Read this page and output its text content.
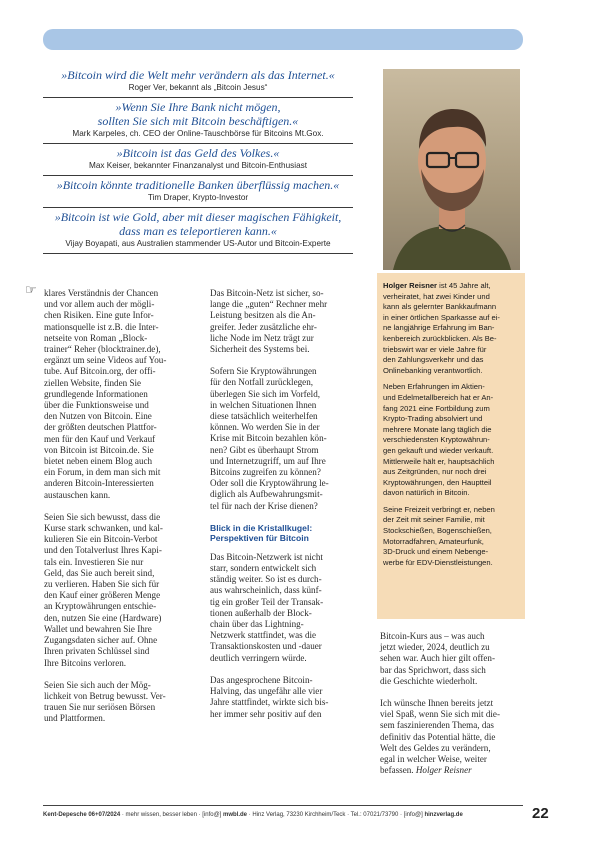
»Bitcoin wird die Welt mehr verändern als das Internet.«
Roger Ver, bekannt als „Bitcoin Jesus“
»Wenn Sie Ihre Bank nicht mögen,
sollten Sie sich mit Bitcoin beschäftigen.«
Mark Karpeles, ch. CEO der Online-Tauschbörse für Bitcoins Mt.Gox.
»Bitcoin ist das Geld des Volkes.«
Max Keiser, bekannter Finanzanalyst und Bitcoin-Enthusiast
»Bitcoin könnte traditionelle Banken überflüssig machen.«
Tim Draper, Krypto-Investor
»Bitcoin ist wie Gold, aber mit dieser magischen Fähigkeit,
dass man es teleportieren kann.«
Vijay Boyapati, aus Australien stammender US-Autor und Bitcoin-Experte

Holger Reisner ist 45 Jahre alt,
verheiratet, hat zwei Kinder und
kann als gelernter Bankkaufmann
in einer örtlichen Sparkasse auf ei-
ne langjährige Erfahrung im Ban-
kenbereich zurückblicken. Als Be-
triebswirt war er viele Jahre für
den Zahlungsverkehr und das
Onlinebanking verantwortlich.

Neben Erfahrungen im Aktien-
und Edelmetallbereich hat er An-
fang 2021 eine Fortbildung zum
Krypto-Trading absolviert und
mehrere Monate lang täglich die
verschiedensten Kryptowährun-
gen gekauft und wieder verkauft.
Mittlerweile hält er, hauptsächlich
aus Zeitgründen, nur noch drei
Kryptowährungen, den Hauptteil
davon natürlich in Bitcoin.

Seine Freizeit verbringt er, neben
der Zeit mit seiner Familie, mit
Stockschießen, Bogenschießen,
Motorradfahren, Amateurfunk,
3D-Druck und einem Nebenge-
werbe für EDV-Dienstleistungen.

☞ klares Verständnis der Chancen
und vor allem auch der mögli-
chen Risiken. Eine gute Infor-
mationsquelle ist z.B. die Inter-
netseite von Roman „Block-
trainer“ Reher (blocktrainer.de),
ergänzt um seine Videos auf You-
tube. Auf Bitcoin.org, der offi-
ziellen Website, finden Sie
grundlegende Informationen
über die Funktionsweise und
den Nutzen von Bitcoin. Eine
der größten deutschen Plattfor-
men für den Kauf und Verkauf
von Bitcoin ist Bitcoin.de. Sie
bietet neben einem Blog auch
ein Forum, in dem man sich mit
anderen Bitcoin-Interessierten
austauschen kann.

Seien Sie sich bewusst, dass die
Kurse stark schwanken, und kal-
kulieren Sie ein Bitcoin-Verbot
und den Totalverlust Ihres Kapi-
tals ein. Investieren Sie nur
Geld, das Sie auch bereit sind,
zu verlieren. Haben Sie sich für
den Kauf einer größeren Menge
an Kryptowährungen entschie-
den, nutzen Sie eine (Hardware)
Wallet und bewahren Sie Ihre
Zugangsdaten sicher auf. Ohne
Ihren privaten Schlüssel sind
Ihre Bitcoins verloren.

Seien Sie sich auch der Mög-
lichkeit von Betrug bewusst. Ver-
trauen Sie nur seriösen Börsen
und Plattformen.

Das Bitcoin-Netz ist sicher, so-
lange die „guten“ Rechner mehr
Leistung besitzen als die An-
greifer. Jeder zusätzliche ehr-
liche Node im Netz trägt zur
Sicherheit des Systems bei.

Sofern Sie Kryptowährungen
für den Notfall zurücklegen,
überlegen Sie sich im Vorfeld,
in welchen Situationen Ihnen
diese tatsächlich weiterhelfen
können. Wo werden Sie in der
Krise mit Bitcoin bezahlen kön-
nen? Gibt es überhaupt Strom
und Internetzugriff, um auf Ihre
Bitcoins zugreifen zu können?
Oder soll die Kryptowährung le-
diglich als Aufbewahrungsmit-
tel für nach der Krise dienen?

Blick in die Kristallkugel:
Perspektiven für Bitcoin

Das Bitcoin-Netzwerk ist nicht
starr, sondern entwickelt sich
ständig weiter. So ist es durch-
aus wahrscheinlich, dass künf-
tig ein großer Teil der Transak-
tionen außerhalb der Block-
chain über das Lightning-
Netzwerk stattfindet, was die
Transaktionskosten und -dauer
deutlich verringern würde.

Das angesprochene Bitcoin-
Halving, das ungefähr alle vier
Jahre stattfindet, wirkte sich bis-
her immer sehr positiv auf den

Bitcoin-Kurs aus – was auch
jetzt wieder, 2024, deutlich zu
sehen war. Auch hier gilt offen-
bar das Sprichwort, dass sich
die Geschichte wiederholt.

Ich wünsche Ihnen bereits jetzt
viel Spaß, wenn Sie sich mit die-
sem faszinierenden Thema, das
definitiv das Potential hätte, die
Welt des Geldes zu verändern,
egal in welcher Weise, weiter
befassen. Holger Reisner

Kent-Depesche 06+07/2024 · mehr wissen, besser leben · [info@] mwbl.de · Hinz Verlag, 73230 Kirchheim/Teck · Tel.: 07021/73790 · [info@] hinzverlag.de	22
